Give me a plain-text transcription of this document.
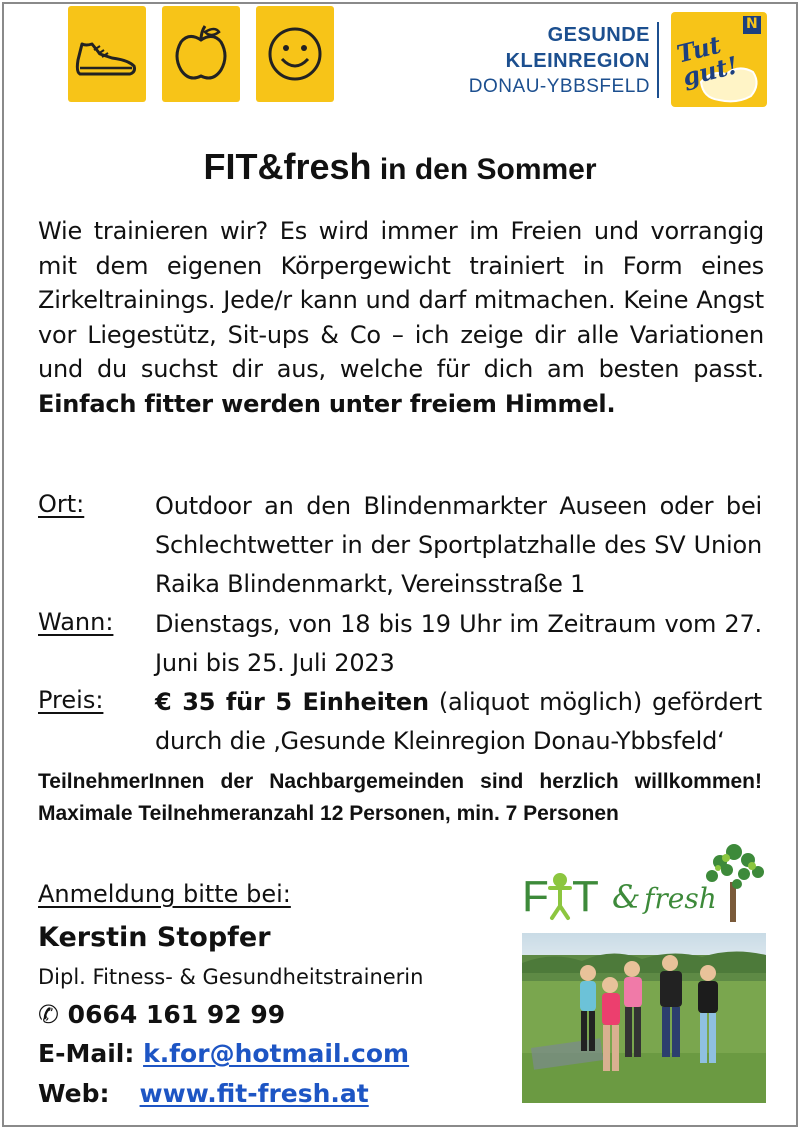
GESUNDE
KLEINREGION
DONAU-YBBSFELD
N
Tut gut!
FIT&fresh in den Sommer
Wie trainieren wir? Es wird immer im Freien und vorrangig mit dem eigenen Körpergewicht trainiert in Form eines Zirkeltrainings. Jede/r kann und darf mitmachen. Keine Angst vor Liegestütz, Sit-ups & Co – ich zeige dir alle Variationen und du suchst dir aus, welche für dich am besten passt. Einfach fitter werden unter freiem Himmel.
Ort:	Outdoor an den Blindenmarkter Auseen oder bei Schlechtwetter in der Sportplatzhalle des SV Union Raika Blindenmarkt, Vereinsstraße 1
Wann: Dienstags, von 18 bis 19 Uhr im Zeitraum vom 27. Juni bis 25. Juli 2023
Preis: € 35 für 5 Einheiten (aliquot möglich) gefördert durch die ‚Gesunde Kleinregion Donau-Ybbsfeld‘
TeilnehmerInnen der Nachbargemeinden sind herzlich willkommen! Maximale Teilnehmeranzahl 12 Personen, min. 7 Personen
Anmeldung bitte bei:
Kerstin Stopfer
Dipl. Fitness- & Gesundheitstrainerin
✆ 0664 161 92 99
E-Mail: k.for@hotmail.com
Web: www.fit-fresh.at
F T & fresh
